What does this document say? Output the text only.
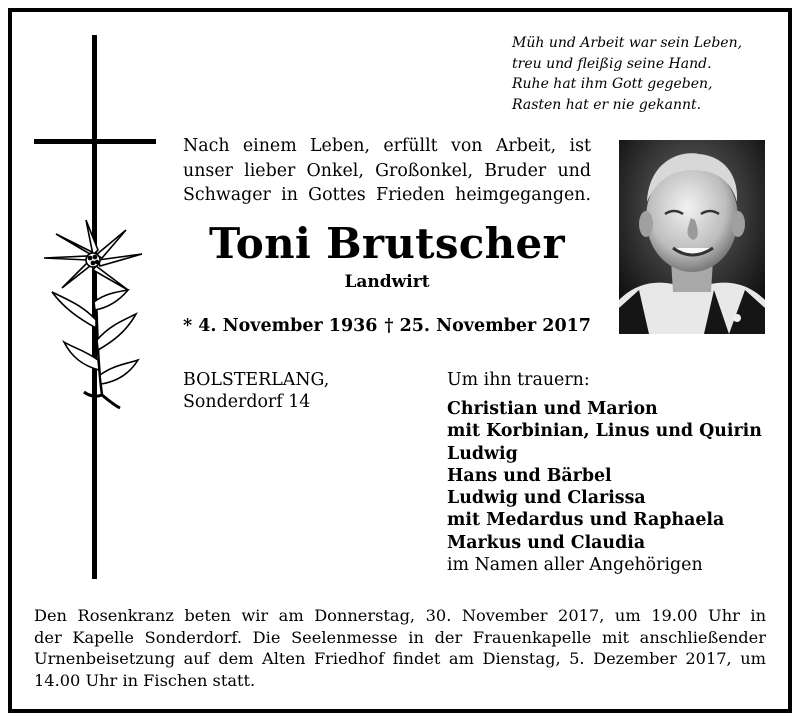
Müh und Arbeit war sein Leben,
treu und fleißig seine Hand.
Ruhe hat ihm Gott gegeben,
Rasten hat er nie gekannt.
Nach einem Leben, erfüllt von Arbeit, ist
unser lieber Onkel, Großonkel, Bruder und
Schwager in Gottes Frieden heimgegangen.
Toni Brutscher
Landwirt
* 4. November 1936 † 25. November 2017
BOLSTERLANG,
Sonderdorf 14
Um ihn trauern:
Christian und Marion
mit Korbinian, Linus und Quirin
Ludwig
Hans und Bärbel
Ludwig und Clarissa
mit Medardus und Raphaela
Markus und Claudia
im Namen aller Angehörigen
Den Rosenkranz beten wir am Donnerstag, 30. November 2017, um 19.00 Uhr in
der Kapelle Sonderdorf. Die Seelenmesse in der Frauenkapelle mit anschließender
Urnenbeisetzung auf dem Alten Friedhof findet am Dienstag, 5. Dezember 2017, um
14.00 Uhr in Fischen statt.
